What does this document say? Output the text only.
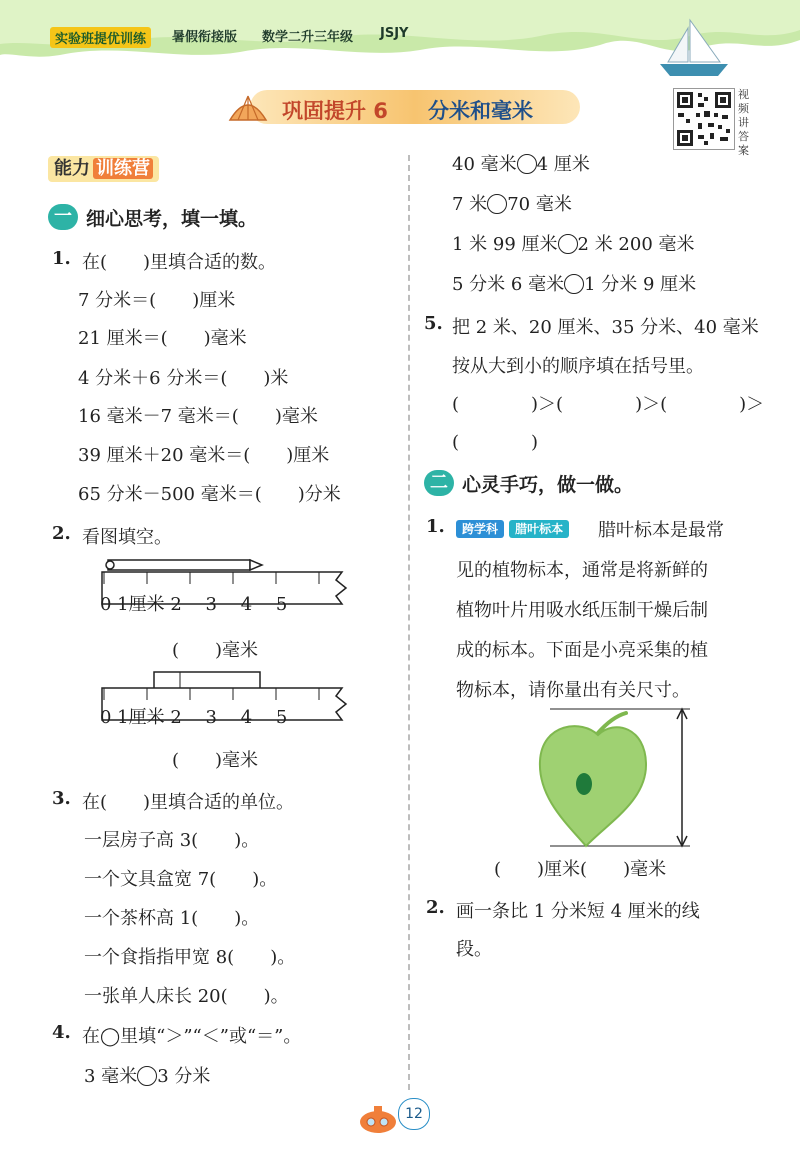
实验班提优训练	暑假衔接版 数学二升三年级 JSJY
巩固提升 6 分米和毫米
视频讲答案
能力 训练营
一 细心思考，填一填。
1. 在(　　)里填合适的数。
7 分米＝(　　)厘米
21 厘米＝(　　)毫米
4 分米＋6 分米＝(　　)米
16 毫米－7 毫米＝(　　)毫米
39 厘米＋20 毫米＝(　　)厘米
65 分米－500 毫米＝(　　)分米
2. 看图填空。
0 1厘米 2　 3　 4　 5
(　　)毫米
0 1厘米 2　 3　 4　 5
(　　)毫米
3. 在(　　)里填合适的单位。
一层房子高 3(　　)。
一个文具盒宽 7(　　)。
一个茶杯高 1(　　)。
一个食指指甲宽 8(　　)。
一张单人床长 20(　　)。
4. 在◯里填“＞”“＜”或“＝”。
3 毫米 3 分米
40 毫米 4 厘米
7 米 70 毫米
1 米 99 厘米 2 米 200 毫米
5 分米 6 毫米 1 分米 9 厘米
5. 把 2 米、20 厘米、35 分米、40 毫米
按从大到小的顺序填在括号里。
(　　　　)＞(　　　　)＞(　　　　)＞
(　　　　)
二 心灵手巧，做一做。
1.	跨学科 腊叶标本	腊叶标本是最常
见的植物标本，通常是将新鲜的
植物叶片用吸水纸压制干燥后制
成的标本。下面是小亮采集的植
物标本，请你量出有关尺寸。
(　　)厘米(　　)毫米
2. 画一条比 1 分米短 4 厘米的线
段。
12
